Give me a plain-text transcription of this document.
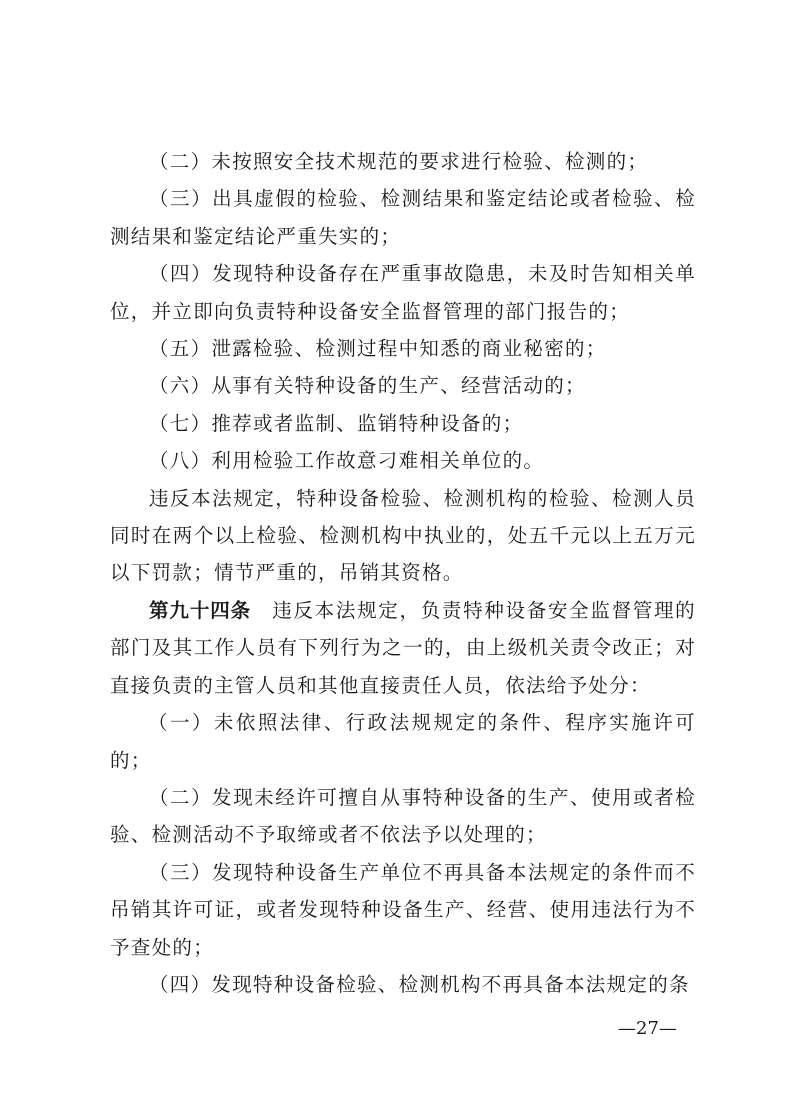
（二）未按照安全技术规范的要求进行检验、检测的；

（三）出具虚假的检验、检测结果和鉴定结论或者检验、检测结果和鉴定结论严重失实的；

（四）发现特种设备存在严重事故隐患，未及时告知相关单位，并立即向负责特种设备安全监督管理的部门报告的；

（五）泄露检验、检测过程中知悉的商业秘密的；

（六）从事有关特种设备的生产、经营活动的；

（七）推荐或者监制、监销特种设备的；

（八）利用检验工作故意刁难相关单位的。

违反本法规定，特种设备检验、检测机构的检验、检测人员同时在两个以上检验、检测机构中执业的，处五千元以上五万元以下罚款；情节严重的，吊销其资格。

第九十四条　 违反本法规定，负责特种设备安全监督管理的部门及其工作人员有下列行为之一的，由上级机关责令改正；对直接负责的主管人员和其他直接责任人员，依法给予处分：

（一）未依照法律、行政法规规定的条件、程序实施许可的；

（二）发现未经许可擅自从事特种设备的生产、使用或者检验、检测活动不予取缔或者不依法予以处理的；

（三）发现特种设备生产单位不再具备本法规定的条件而不吊销其许可证，或者发现特种设备生产、经营、使用违法行为不予查处的；

（四）发现特种设备检验、检测机构不再具备本法规定的条

—27—
